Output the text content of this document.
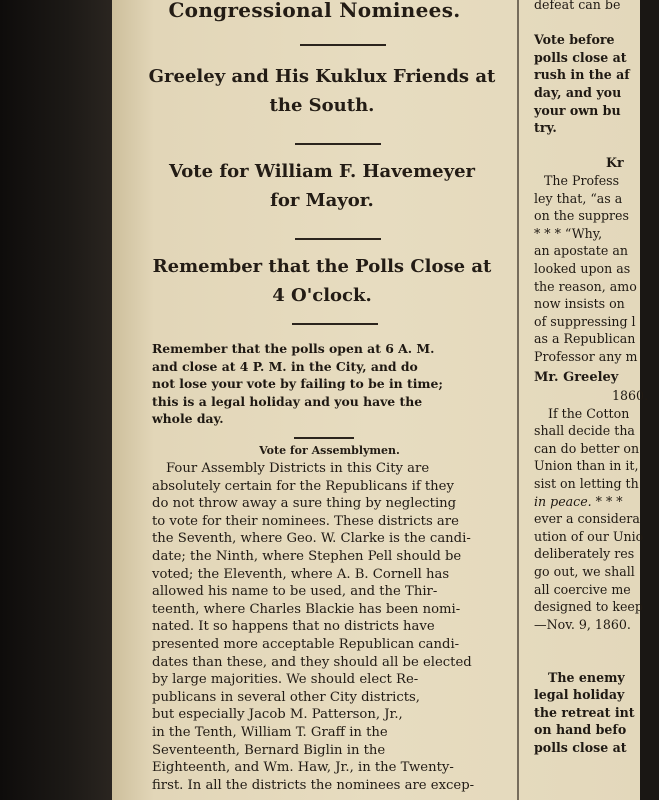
Congressional Nominees.
Greeley and His Kuklux Friends at
the South.
Vote for William F. Havemeyer
for Mayor.
Remember that the Polls Close at
4 O'clock.
Remember that the polls open at 6 A. M.
and close at 4 P. M. in the City, and do
not lose your vote by failing to be in time;
this is a legal holiday and you have the
whole day.
Vote for Assemblymen.
Four Assembly Districts in this City are
absolutely certain for the Republicans if they
do not throw away a sure thing by neglecting
to vote for their nominees. These districts are
the Seventh, where Geo. W. Clarke is the candi-
date; the Ninth, where Stephen Pell should be
voted; the Eleventh, where A. B. Cornell has
allowed his name to be used, and the Thir-
teenth, where Charles Blackie has been nomi-
nated. It so happens that no districts have
presented more acceptable Republican candi-
dates than these, and they should all be elected
by large majorities. We should elect Re-
publicans in several other City districts,
but especially Jacob M. Patterson, Jr.,
in the Tenth, William T. Graff in the
Seventeenth, Bernard Biglin in the
Eighteenth, and Wm. Haw, Jr., in the Twenty-
first. In all the districts the nominees are excep-
defeat can be

Vote before
polls close at
rush in the af
day, and you
your own bu
try.

Kr
The Profess
ley that, “as a
on the suppres
* * * “Why,
an apostate an
looked upon as
the reason, amo
now insists on
of suppressing l
as a Republican
Professor any m
Mr. Greeley
1860.
If the Cotton
shall decide tha
can do better on
Union than in it,
sist on letting th
in peace. * * *
ever a considera
ution of our Unio
deliberately res
go out, we shall
all coercive me
designed to keep
—Nov. 9, 1860.

The enemy
legal holiday
the retreat int
on hand befo
polls close at
